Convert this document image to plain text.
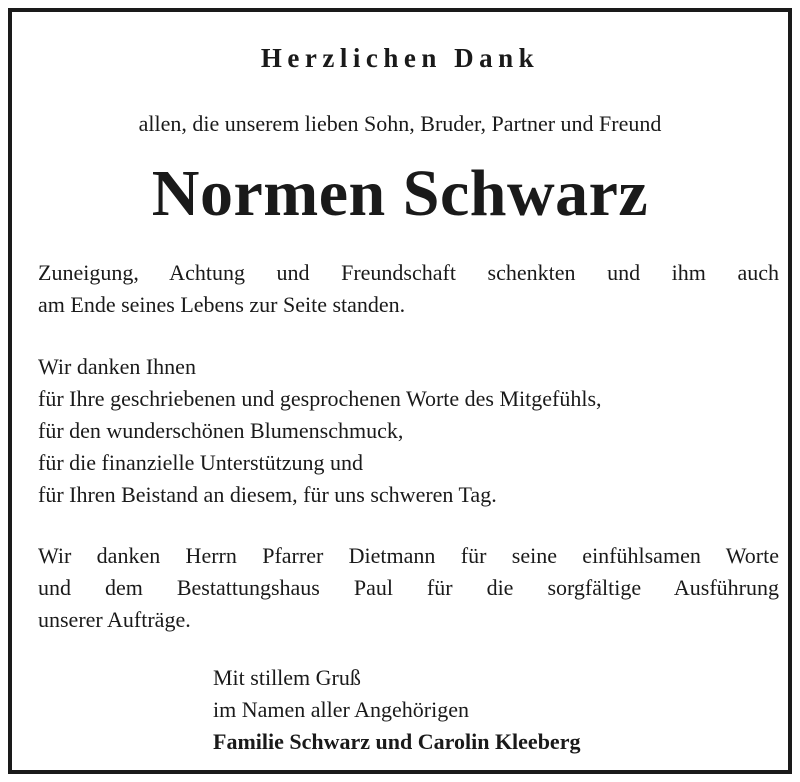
Herzlichen Dank
allen, die unserem lieben Sohn, Bruder, Partner und Freund
Normen Schwarz

Zuneigung, Achtung und Freundschaft schenkten und ihm auch

am Ende seines Lebens zur Seite standen.

Wir danken Ihnen

für Ihre geschriebenen und gesprochenen Worte des Mitgefühls,

für den wunderschönen Blumenschmuck,

für die finanzielle Unterstützung und

für Ihren Beistand an diesem, für uns schweren Tag.

Wir danken Herrn Pfarrer Dietmann für seine einfühlsamen Worte

und dem Bestattungshaus Paul für die sorgfältige Ausführung

unserer Aufträge.

Mit stillem Gruß
im Namen aller Angehörigen
Familie Schwarz und Carolin Kleeberg
